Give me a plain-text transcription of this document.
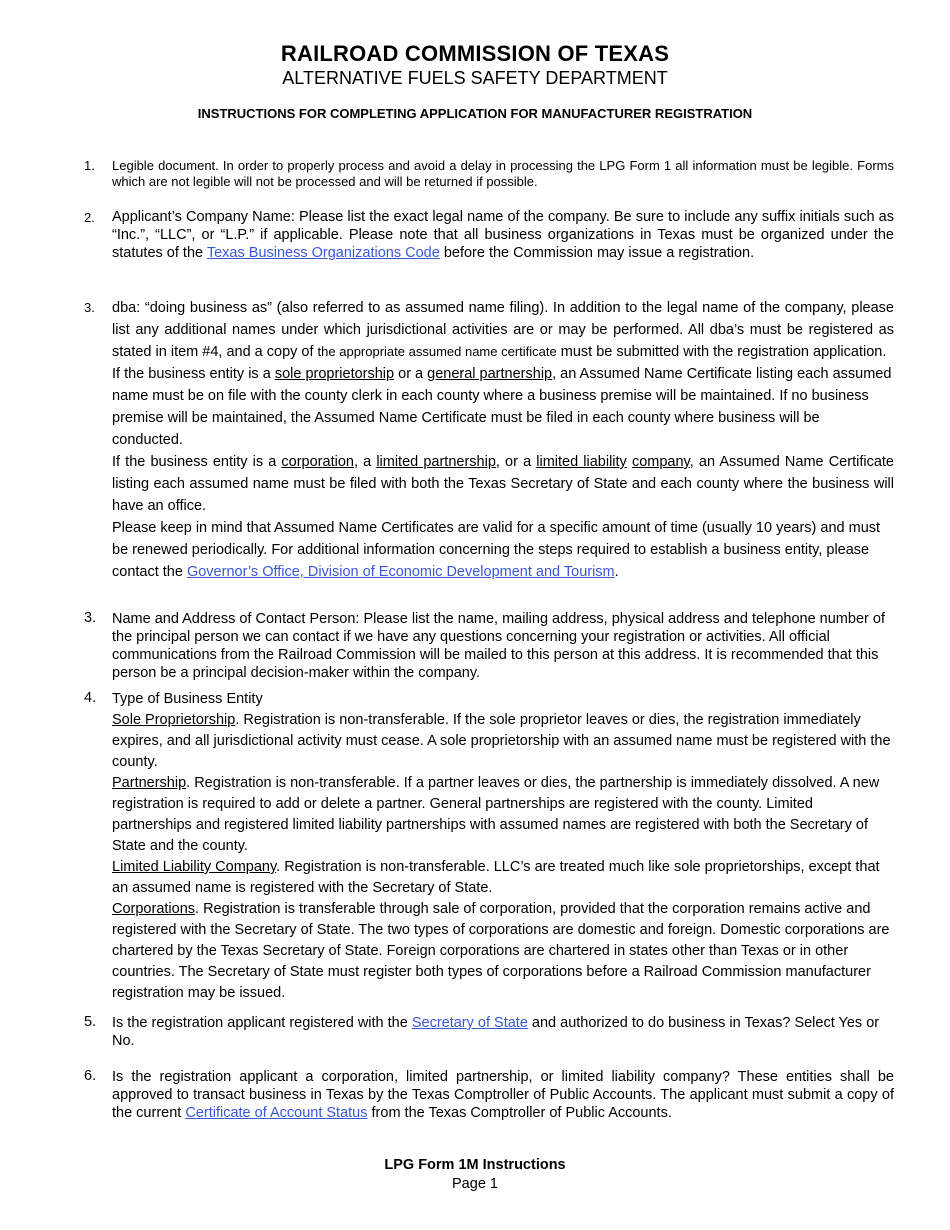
RAILROAD COMMISSION OF TEXAS
ALTERNATIVE FUELS SAFETY DEPARTMENT
INSTRUCTIONS FOR COMPLETING APPLICATION FOR MANUFACTURER REGISTRATION
1.	Legible document. In order to properly process and avoid a delay in processing the LPG Form 1 all information must be legible. Forms which are not legible will not be processed and will be returned if possible.
2.	Applicant’s Company Name: Please list the exact legal name of the company. Be sure to include any suffix initials such as “Inc.”, “LLC”, or “L.P.” if applicable. Please note that all business organizations in Texas must be organized under the statutes of the Texas Business Organizations Code before the Commission may issue a registration.
3.	dba: “doing business as” (also referred to as assumed name filing). In addition to the legal name of the company, please list any additional names under which jurisdictional activities are or may be performed. All dba’s must be registered as stated in item #4, and a copy of the appropriate assumed name certificate must be submitted with the registration application.

If the business entity is a sole proprietorship or a general partnership, an Assumed Name Certificate listing each assumed name must be on file with the county clerk in each county where a business premise will be maintained. If no business premise will be maintained, the Assumed Name Certificate must be filed in each county where business will be conducted.

If the business entity is a corporation, a limited partnership, or a limited liability company, an Assumed Name Certificate listing each assumed name must be filed with both the Texas Secretary of State and each county where the business will have an office.

Please keep in mind that Assumed Name Certificates are valid for a specific amount of time (usually 10 years) and must be renewed periodically. For additional information concerning the steps required to establish a business entity, please contact the Governor’s Office, Division of Economic Development and Tourism.

3.	Name and Address of Contact Person: Please list the name, mailing address, physical address and telephone number of the principal person we can contact if we have any questions concerning your registration or activities. All official communications from the Railroad Commission will be mailed to this person at this address. It is recommended that this person be a principal decision-maker within the company.
4.	Type of Business Entity

Sole Proprietorship. Registration is non-transferable. If the sole proprietor leaves or dies, the registration immediately expires, and all jurisdictional activity must cease. A sole proprietorship with an assumed name must be registered with the county.

Partnership. Registration is non-transferable. If a partner leaves or dies, the partnership is immediately dissolved. A new registration is required to add or delete a partner. General partnerships are registered with the county. Limited partnerships and registered limited liability partnerships with assumed names are registered with both the Secretary of State and the county.

Limited Liability Company. Registration is non-transferable. LLC’s are treated much like sole proprietorships, except that an assumed name is registered with the Secretary of State.

Corporations. Registration is transferable through sale of corporation, provided that the corporation remains active and registered with the Secretary of State. The two types of corporations are domestic and foreign. Domestic corporations are chartered by the Texas Secretary of State. Foreign corporations are chartered in states other than Texas or in other countries. The Secretary of State must register both types of corporations before a Railroad Commission manufacturer registration may be issued.

5.	Is the registration applicant registered with the Secretary of State and authorized to do business in Texas? Select Yes or No.
6.	Is the registration applicant a corporation, limited partnership, or limited liability company? These entities shall be approved to transact business in Texas by the Texas Comptroller of Public Accounts. The applicant must submit a copy of the current Certificate of Account Status from the Texas Comptroller of Public Accounts.
LPG Form 1M Instructions
Page 1
